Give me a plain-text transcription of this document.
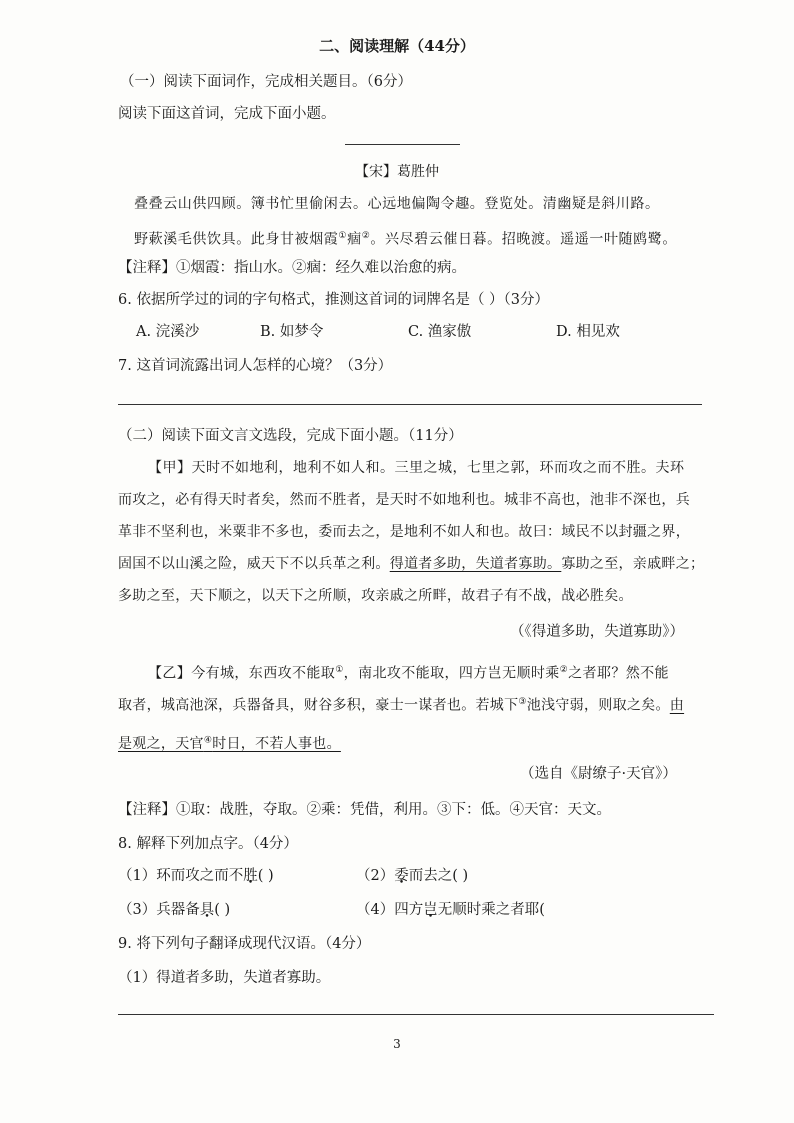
二、阅读理解（44分）
（一）阅读下面词作，完成相关题目。（6分）
阅读下面这首词，完成下面小题。
【宋】葛胜仲
叠叠云山供四顾。簿书忙里偷闲去。心远地偏陶令趣。登览处。清幽疑是斜川路。
野蔌溪毛供饮具。此身甘被烟霞①痼②。兴尽碧云催日暮。招晚渡。遥遥一叶随鸥鹭。
【注释】①烟霞：指山水。②痼：经久难以治愈的病。
6. 依据所学过的词的字句格式，推测这首词的词牌名是（ ）（3分）
A. 浣溪沙	B. 如梦令	C. 渔家傲	D. 相见欢
7. 这首词流露出词人怎样的心境？（3分）
（二）阅读下面文言文选段，完成下面小题。（11分）
【甲】天时不如地利，地利不如人和。三里之城，七里之郭，环而攻之而不胜。夫环
而攻之，必有得天时者矣，然而不胜者，是天时不如地利也。城非不高也，池非不深也，兵
革非不坚利也，米粟非不多也，委而去之，是地利不如人和也。故曰：域民不以封疆之界，
固国不以山溪之险，威天下不以兵革之利。得道者多助，失道者寡助。寡助之至，亲戚畔之；
多助之至，天下顺之，以天下之所顺，攻亲戚之所畔，故君子有不战，战必胜矣。
（《得道多助，失道寡助》）
【乙】今有城，东西攻不能取①，南北攻不能取，四方岂无顺时乘②之者耶？然不能
取者，城高池深，兵器备具，财谷多积，豪士一谋者也。若城下③池浅守弱，则取之矣。由
是观之，天官④时日，不若人事也。
（选自《尉缭子·天官》）
【注释】①取：战胜，夺取。②乘：凭借，利用。③下：低。④天官：天文。
8. 解释下列加点字。（4分）
（1）环而攻之而不胜( )	（2）委而去之( )
（3）兵器备具( )	（4）四方岂无顺时乘之者耶(
9. 将下列句子翻译成现代汉语。（4分）
（1）得道者多助，失道者寡助。
3
